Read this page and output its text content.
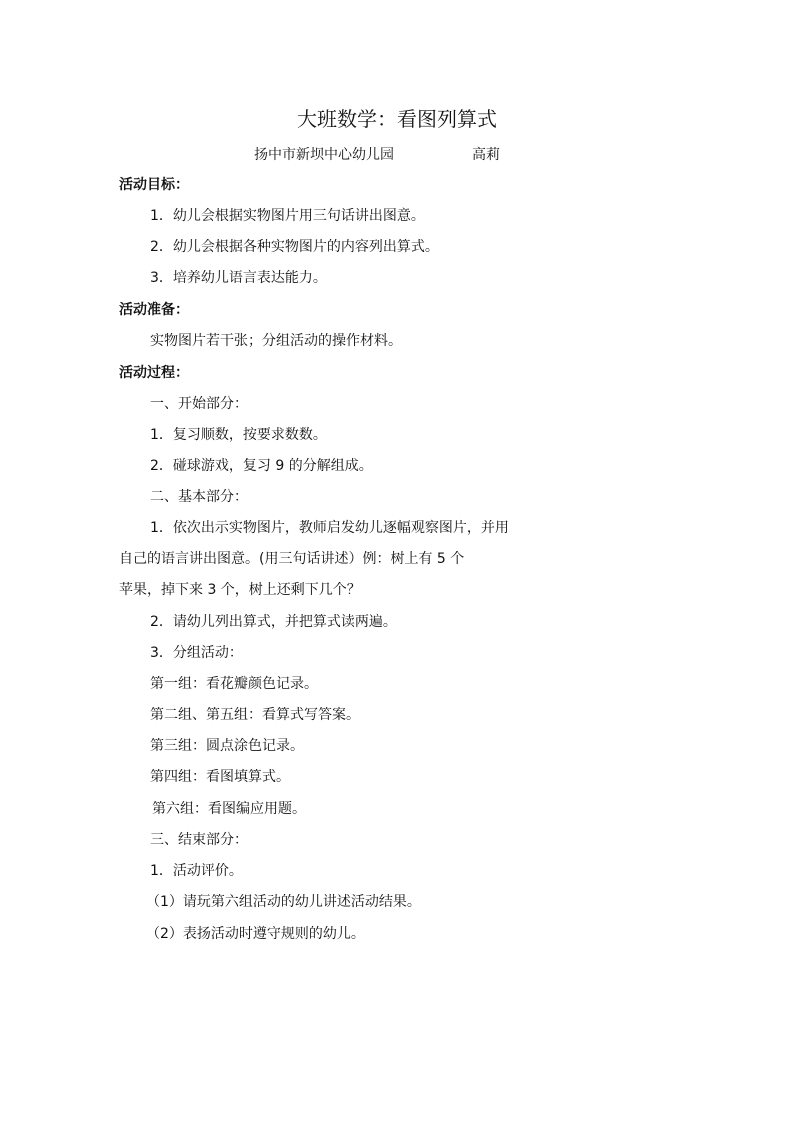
大班数学：看图列算式
扬中市新坝中心幼儿园	高莉
活动目标：
1．幼儿会根据实物图片用三句话讲出图意。
2．幼儿会根据各种实物图片的内容列出算式。
3．培养幼儿语言表达能力。
活动准备：
实物图片若干张；分组活动的操作材料。
活动过程：
一、开始部分：
1．复习顺数，按要求数数。
2．碰球游戏，复习 9 的分解组成。
二、基本部分：
1．依次出示实物图片，教师启发幼儿逐幅观察图片，并用
自己的语言讲出图意。(用三句话讲述）例：树上有 5 个
苹果，掉下来 3 个，树上还剩下几个？
2．请幼儿列出算式，并把算式读两遍。
3．分组活动：
第一组：看花瓣颜色记录。
第二组、第五组：看算式写答案。
第三组：圆点涂色记录。
第四组：看图填算式。
第六组：看图编应用题。
三、结束部分：
1．活动评价。
（1）请玩第六组活动的幼儿讲述活动结果。
（2）表扬活动时遵守规则的幼儿。
